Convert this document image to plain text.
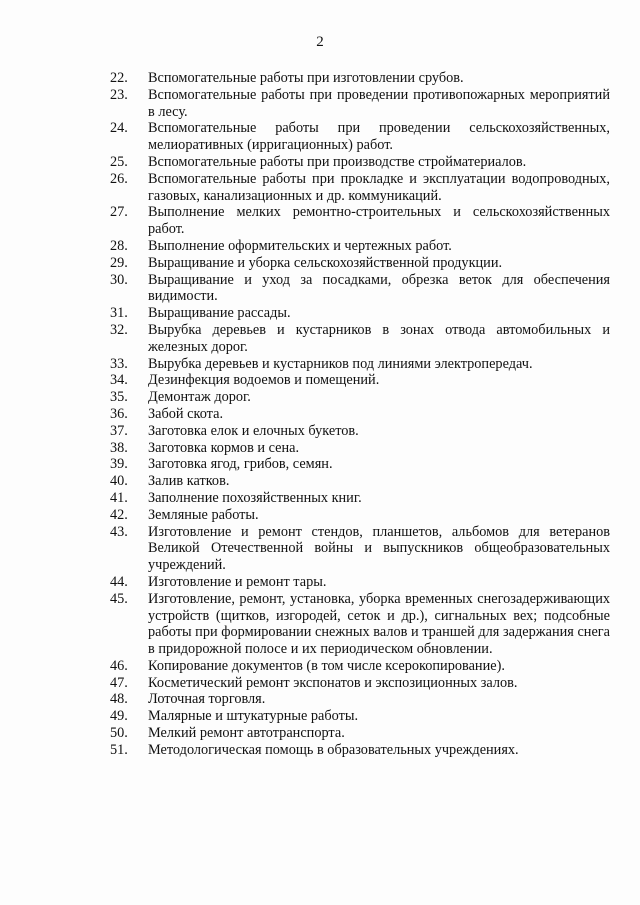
2
22.	Вспомогательные работы при изготовлении срубов.
23.	Вспомогательные работы при проведении противопожарных мероприятий в лесу.
24.	Вспомогательные работы при проведении сельскохозяйственных, мелиоративных (ирригационных) работ.
25.	Вспомогательные работы при производстве стройматериалов.
26.	Вспомогательные работы при прокладке и эксплуатации водопроводных, газовых, канализационных и др. коммуникаций.
27.	Выполнение мелких ремонтно-строительных и сельскохозяйственных работ.
28.	Выполнение оформительских и чертежных работ.
29.	Выращивание и уборка сельскохозяйственной продукции.
30.	Выращивание и уход за посадками, обрезка веток для обеспечения видимости.
31.	Выращивание рассады.
32.	Вырубка деревьев и кустарников в зонах отвода автомобильных и железных дорог.
33.	Вырубка деревьев и кустарников под линиями электропередач.
34.	Дезинфекция водоемов и помещений.
35.	Демонтаж дорог.
36.	Забой скота.
37.	Заготовка елок и елочных букетов.
38.	Заготовка кормов и сена.
39.	Заготовка ягод, грибов, семян.
40.	Залив катков.
41.	Заполнение похозяйственных книг.
42.	Земляные работы.
43.	Изготовление и ремонт стендов, планшетов, альбомов для ветеранов Великой Отечественной войны и выпускников общеобразовательных учреждений.
44.	Изготовление и ремонт тары.
45.	Изготовление, ремонт, установка, уборка временных снегозадерживающих устройств (щитков, изгородей, сеток и др.), сигнальных вех; подсобные работы при формировании снежных валов и траншей для задержания снега в придорожной полосе и их периодическом обновлении.
46.	Копирование документов (в том числе ксерокопирование).
47.	Косметический ремонт экспонатов и экспозиционных залов.
48.	Лоточная торговля.
49.	Малярные и штукатурные работы.
50.	Мелкий ремонт автотранспорта.
51.	Методологическая помощь в образовательных учреждениях.
